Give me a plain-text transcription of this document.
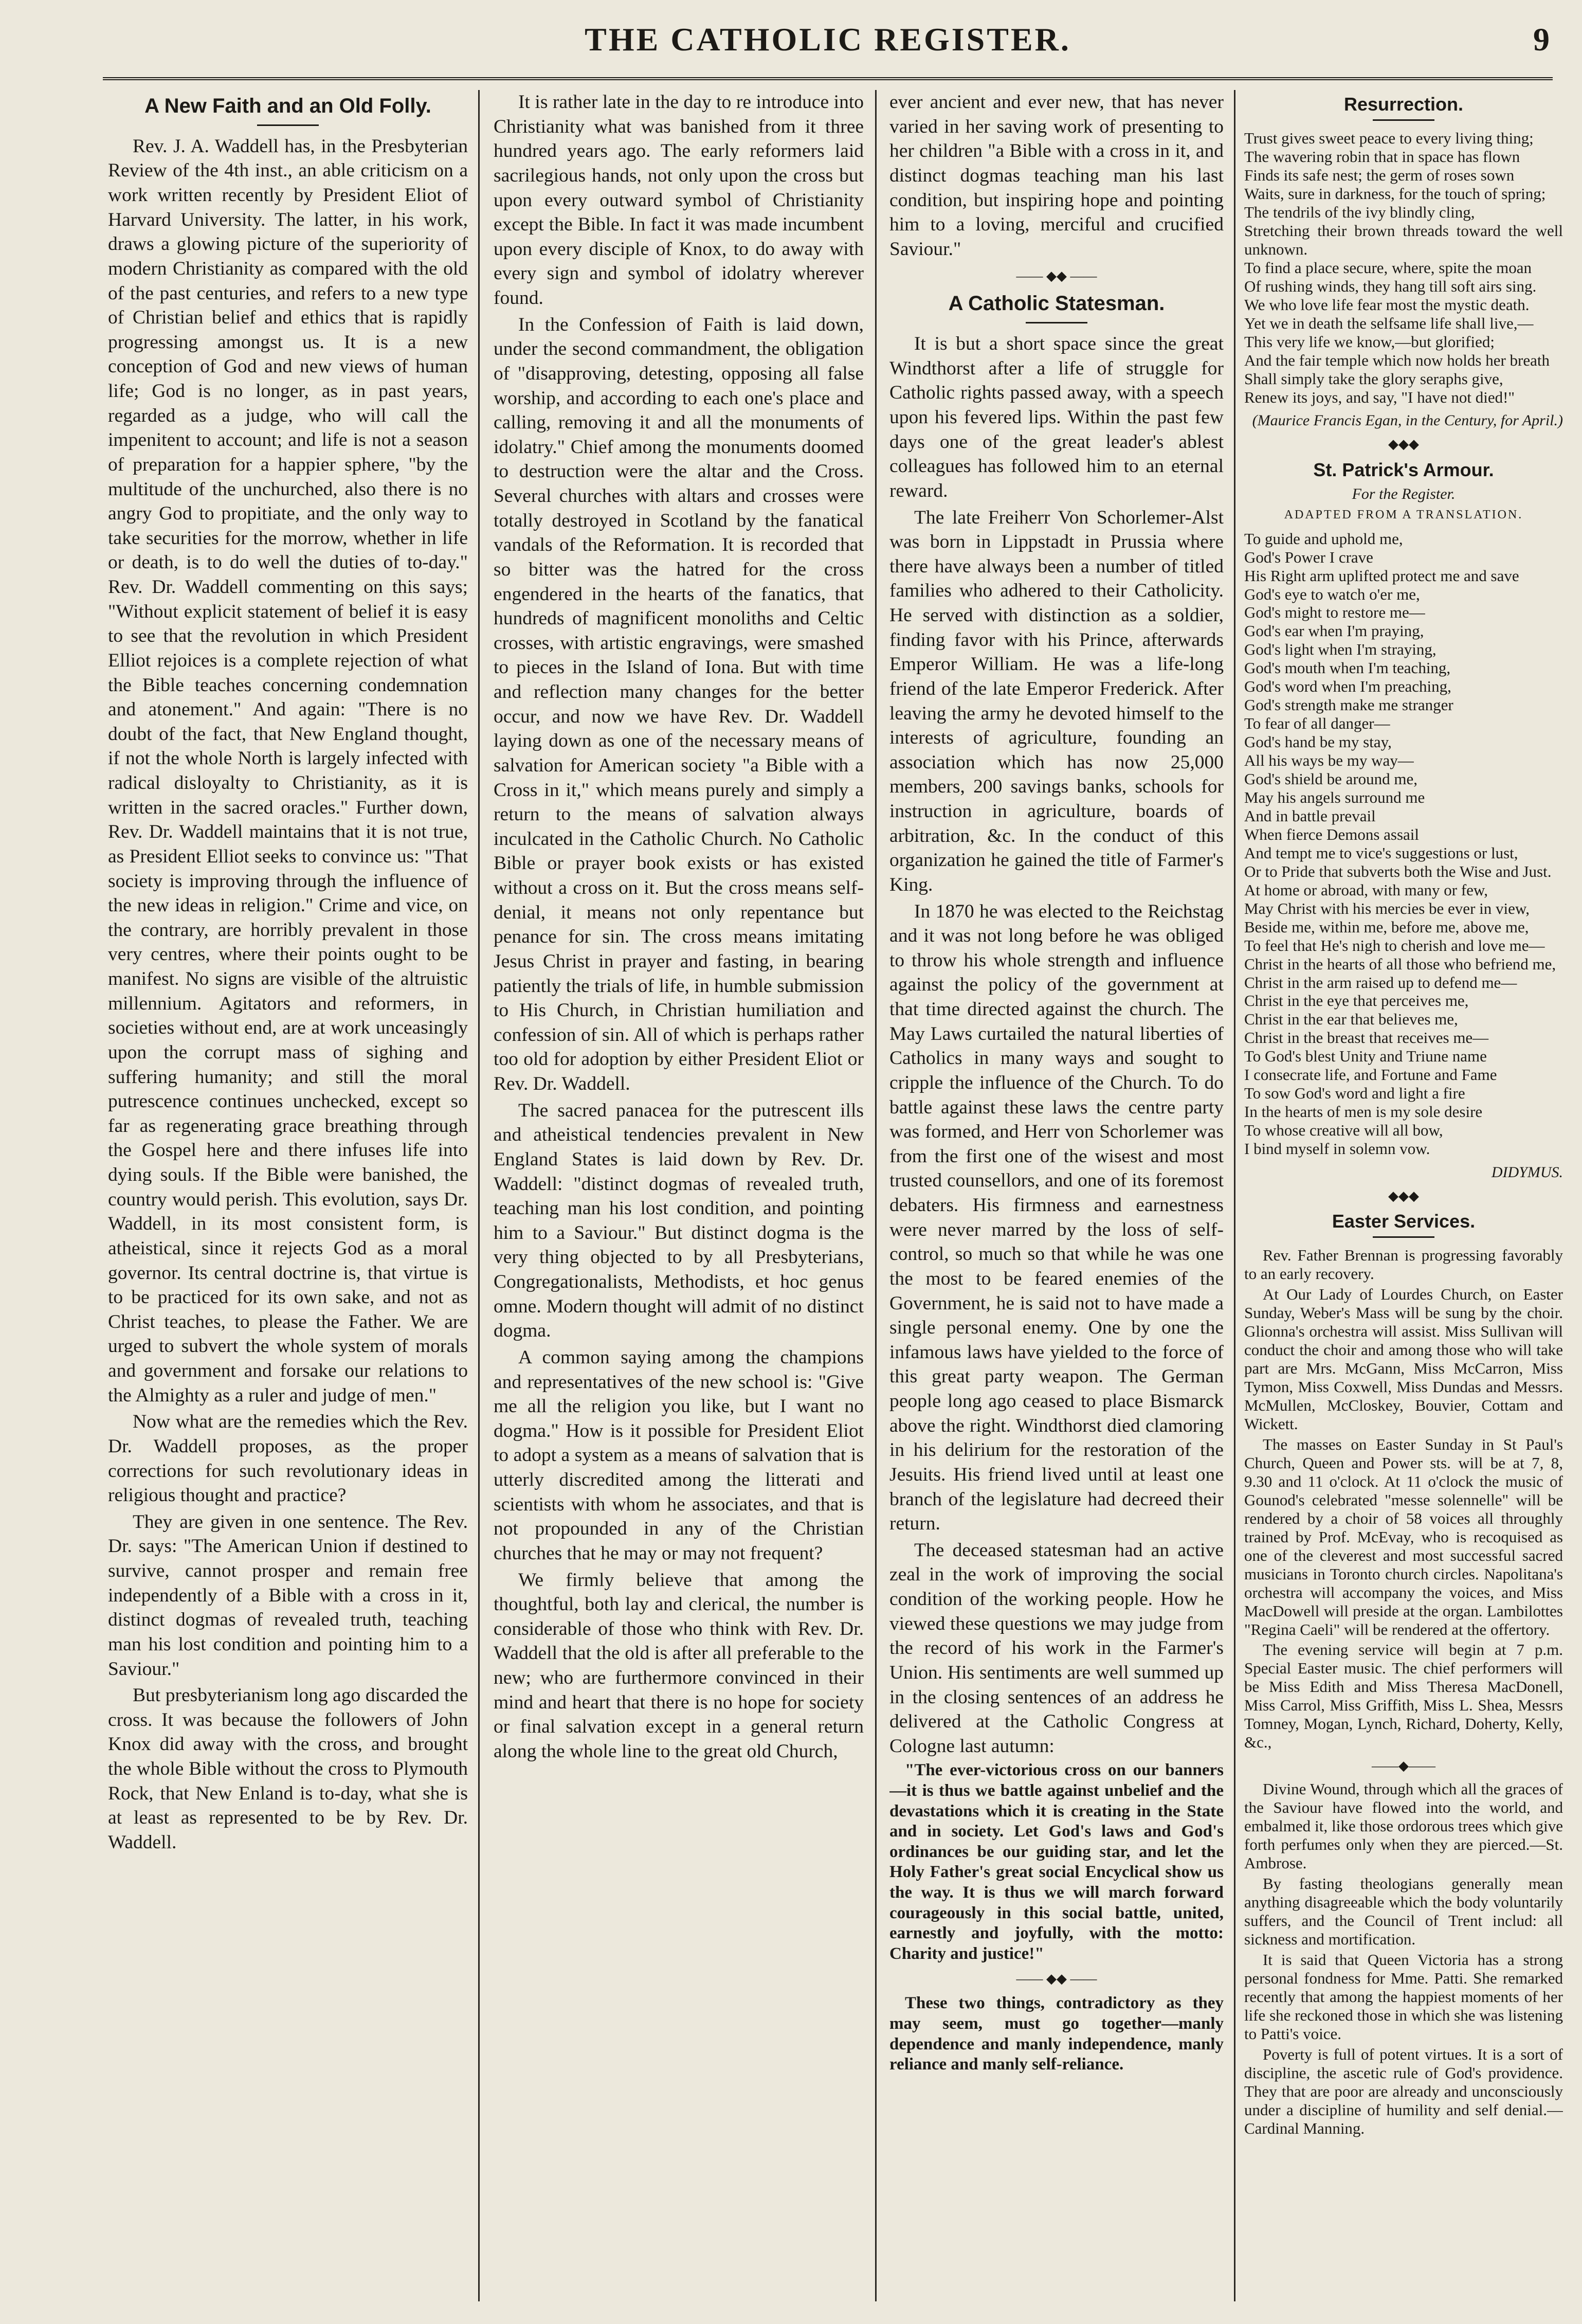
THE CATHOLIC REGISTER.	9
A New Faith and an Old Folly.

Rev. J. A. Waddell has, in the Presbyterian Review of the 4th inst., an able criticism on a work written recently by President Eliot of Harvard University. The latter, in his work, draws a glowing picture of the superiority of modern Christianity as compared with the old of the past centuries, and refers to a new type of Christian belief and ethics that is rapidly progressing amongst us. It is a new conception of God and new views of human life; God is no longer, as in past years, regarded as a judge, who will call the impenitent to account; and life is not a season of preparation for a happier sphere, "by the multitude of the unchurched, also there is no angry God to propitiate, and the only way to take securities for the morrow, whether in life or death, is to do well the duties of to-day." Rev. Dr. Waddell commenting on this says; "Without explicit statement of belief it is easy to see that the revolution in which President Elliot rejoices is a complete rejection of what the Bible teaches concerning condemnation and atonement." And again: "There is no doubt of the fact, that New England thought, if not the whole North is largely infected with radical disloyalty to Christianity, as it is written in the sacred oracles." Further down, Rev. Dr. Waddell maintains that it is not true, as President Elliot seeks to convince us: "That society is improving through the influence of the new ideas in religion." Crime and vice, on the contrary, are horribly prevalent in those very centres, where their points ought to be manifest. No signs are visible of the altruistic millennium. Agitators and reformers, in societies without end, are at work unceasingly upon the corrupt mass of sighing and suffering humanity; and still the moral putrescence continues unchecked, except so far as regenerating grace breathing through the Gospel here and there infuses life into dying souls. If the Bible were banished, the country would perish. This evolution, says Dr. Waddell, in its most consistent form, is atheistical, since it rejects God as a moral governor. Its central doctrine is, that virtue is to be practiced for its own sake, and not as Christ teaches, to please the Father. We are urged to subvert the whole system of morals and government and forsake our relations to the Almighty as a ruler and judge of men."

Now what are the remedies which the Rev. Dr. Waddell proposes, as the proper corrections for such revolutionary ideas in religious thought and practice?

They are given in one sentence. The Rev. Dr. says: "The American Union if destined to survive, cannot prosper and remain free independently of a Bible with a cross in it, distinct dogmas of revealed truth, teaching man his lost condition and pointing him to a Saviour."

But presbyterianism long ago discarded the cross. It was because the followers of John Knox did away with the cross, and brought the whole Bible without the cross to Plymouth Rock, that New Enland is to-day, what she is at least as represented to be by Rev. Dr. Waddell.

It is rather late in the day to re introduce into Christianity what was banished from it three hundred years ago. The early reformers laid sacrilegious hands, not only upon the cross but upon every outward symbol of Christianity except the Bible. In fact it was made incumbent upon every disciple of Knox, to do away with every sign and symbol of idolatry wherever found.

In the Confession of Faith is laid down, under the second commandment, the obligation of "disapproving, detesting, opposing all false worship, and according to each one's place and calling, removing it and all the monuments of idolatry." Chief among the monuments doomed to destruction were the altar and the Cross. Several churches with altars and crosses were totally destroyed in Scotland by the fanatical vandals of the Reformation. It is recorded that so bitter was the hatred for the cross engendered in the hearts of the fanatics, that hundreds of magnificent monoliths and Celtic crosses, with artistic engravings, were smashed to pieces in the Island of Iona. But with time and reflection many changes for the better occur, and now we have Rev. Dr. Waddell laying down as one of the necessary means of salvation for American society "a Bible with a Cross in it," which means purely and simply a return to the means of salvation always inculcated in the Catholic Church. No Catholic Bible or prayer book exists or has existed without a cross on it. But the cross means self-denial, it means not only repentance but penance for sin. The cross means imitating Jesus Christ in prayer and fasting, in bearing patiently the trials of life, in humble submission to His Church, in Christian humiliation and confession of sin. All of which is perhaps rather too old for adoption by either President Eliot or Rev. Dr. Waddell.

The sacred panacea for the putrescent ills and atheistical tendencies prevalent in New England States is laid down by Rev. Dr. Waddell: "distinct dogmas of revealed truth, teaching man his lost condition, and pointing him to a Saviour." But distinct dogma is the very thing objected to by all Presbyterians, Congregationalists, Methodists, et hoc genus omne. Modern thought will admit of no distinct dogma.

A common saying among the champions and representatives of the new school is: "Give me all the religion you like, but I want no dogma." How is it possible for President Eliot to adopt a system as a means of salvation that is utterly discredited among the litterati and scientists with whom he associates, and that is not propounded in any of the Christian churches that he may or may not frequent?

We firmly believe that among the thoughtful, both lay and clerical, the number is considerable of those who think with Rev. Dr. Waddell that the old is after all preferable to the new; who are furthermore convinced in their mind and heart that there is no hope for society or final salvation except in a general return along the whole line to the great old Church,

ever ancient and ever new, that has never varied in her saving work of presenting to her children "a Bible with a cross in it, and distinct dogmas teaching man his last condition, but inspiring hope and pointing him to a loving, merciful and crucified Saviour."

—— ◆◆ ——
A Catholic Statesman.

It is but a short space since the great Windthorst after a life of struggle for Catholic rights passed away, with a speech upon his fevered lips. Within the past few days one of the great leader's ablest colleagues has followed him to an eternal reward.

The late Freiherr Von Schorlemer-Alst was born in Lippstadt in Prussia where there have always been a number of titled families who adhered to their Catholicity. He served with distinction as a soldier, finding favor with his Prince, afterwards Emperor William. He was a life-long friend of the late Emperor Frederick. After leaving the army he devoted himself to the interests of agriculture, founding an association which has now 25,000 members, 200 savings banks, schools for instruction in agriculture, boards of arbitration, &c. In the conduct of this organization he gained the title of Farmer's King.

In 1870 he was elected to the Reichstag and it was not long before he was obliged to throw his whole strength and influence against the policy of the government at that time directed against the church. The May Laws curtailed the natural liberties of Catholics in many ways and sought to cripple the influence of the Church. To do battle against these laws the centre party was formed, and Herr von Schorlemer was from the first one of the wisest and most trusted counsellors, and one of its foremost debaters. His firmness and earnestness were never marred by the loss of self-control, so much so that while he was one the most to be feared enemies of the Government, he is said not to have made a single personal enemy. One by one the infamous laws have yielded to the force of this great party weapon. The German people long ago ceased to place Bismarck above the right. Windthorst died clamoring in his delirium for the restoration of the Jesuits. His friend lived until at least one branch of the legislature had decreed their return.

The deceased statesman had an active zeal in the work of improving the social condition of the working people. How he viewed these questions we may judge from the record of his work in the Farmer's Union. His sentiments are well summed up in the closing sentences of an address he delivered at the Catholic Congress at Cologne last autumn:

"The ever-victorious cross on our banners—it is thus we battle against unbelief and the devastations which it is creating in the State and in society. Let God's laws and God's ordinances be our guiding star, and let the Holy Father's great social Encyclical show us the way. It is thus we will march forward courageously in this social battle, united, earnestly and joyfully, with the motto: Charity and justice!"

—— ◆◆ ——

These two things, contradictory as they may seem, must go together—manly dependence and manly independence, manly reliance and manly self-reliance.

Resurrection.
Trust gives sweet peace to every living thing;
The wavering robin that in space has flown
Finds its safe nest; the germ of roses sown
Waits, sure in darkness, for the touch of spring;
The tendrils of the ivy blindly cling,
Stretching their brown threads toward the well unknown.
To find a place secure, where, spite the moan
Of rushing winds, they hang till soft airs sing.
We who love life fear most the mystic death.
Yet we in death the selfsame life shall live,—
This very life we know,—but glorified;
And the fair temple which now holds her breath
Shall simply take the glory seraphs give,
Renew its joys, and say, "I have not died!"
(Maurice Francis Egan, in the Century, for April.)
◆◆◆
St. Patrick's Armour.
For the Register.
ADAPTED FROM A TRANSLATION.
To guide and uphold me,
God's Power I crave
His Right arm uplifted protect me and save
God's eye to watch o'er me,
God's might to restore me—
God's ear when I'm praying,
God's light when I'm straying,
God's mouth when I'm teaching,
God's word when I'm preaching,
God's strength make me stranger
To fear of all danger—
God's hand be my stay,
All his ways be my way—
God's shield be around me,
May his angels surround me
And in battle prevail
When fierce Demons assail
And tempt me to vice's suggestions or lust,
Or to Pride that subverts both the Wise and Just.
At home or abroad, with many or few,
May Christ with his mercies be ever in view,
Beside me, within me, before me, above me,
To feel that He's nigh to cherish and love me—
Christ in the hearts of all those who befriend me,
Christ in the arm raised up to defend me—
Christ in the eye that perceives me,
Christ in the ear that believes me,
Christ in the breast that receives me—
To God's blest Unity and Triune name
I consecrate life, and Fortune and Fame
To sow God's word and light a fire
In the hearts of men is my sole desire
To whose creative will all bow,
I bind myself in solemn vow.
DIDYMUS.
◆◆◆
Easter Services.

Rev. Father Brennan is progressing favorably to an early recovery.

At Our Lady of Lourdes Church, on Easter Sunday, Weber's Mass will be sung by the choir. Glionna's orchestra will assist. Miss Sullivan will conduct the choir and among those who will take part are Mrs. McGann, Miss McCarron, Miss Tymon, Miss Coxwell, Miss Dundas and Messrs. McMullen, McCloskey, Bouvier, Cottam and Wickett.

The masses on Easter Sunday in St Paul's Church, Queen and Power sts. will be at 7, 8, 9.30 and 11 o'clock. At 11 o'clock the music of Gounod's celebrated "messe solennelle" will be rendered by a choir of 58 voices all throughly trained by Prof. McEvay, who is recoquised as one of the cleverest and most successful sacred musicians in Toronto church circles. Napolitana's orchestra will accompany the voices, and Miss MacDowell will preside at the organ. Lambilottes "Regina Caeli" will be rendered at the offertory.

The evening service will begin at 7 p.m. Special Easter music. The chief performers will be Miss Edith and Miss Theresa MacDonell, Miss Carrol, Miss Griffith, Miss L. Shea, Messrs Tomney, Mogan, Lynch, Richard, Doherty, Kelly, &c.,

——◆——

Divine Wound, through which all the graces of the Saviour have flowed into the world, and embalmed it, like those ordorous trees which give forth perfumes only when they are pierced.—St. Ambrose.

By fasting theologians generally mean anything disagreeable which the body voluntarily suffers, and the Council of Trent includ: all sickness and mortification.

It is said that Queen Victoria has a strong personal fondness for Mme. Patti. She remarked recently that among the happiest moments of her life she reckoned those in which she was listening to Patti's voice.

Poverty is full of potent virtues. It is a sort of discipline, the ascetic rule of God's providence. They that are poor are already and unconsciously under a discipline of humility and self denial.—Cardinal Manning.
